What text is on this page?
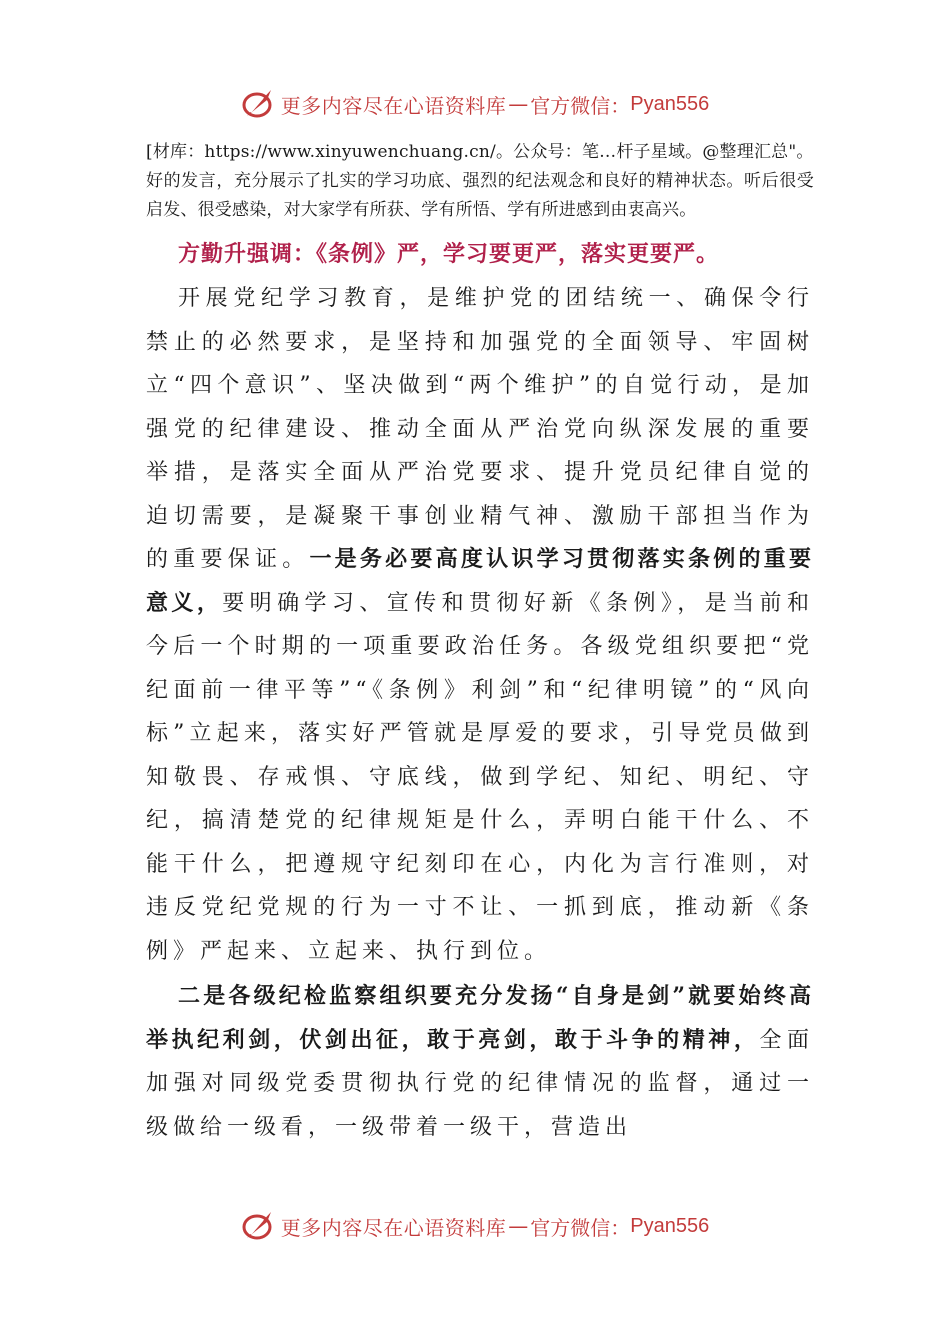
更多内容尽在心语资料库 — 官方微信： Pyan556

[材库：https://www.xinyuwenchuang.cn/。公众号：笔…杆子星域。@整理汇总"。
好的发言，充分展示了扎实的学习功底、强烈的纪法观念和良好的精神状态。听后很受启发、很受感染，对大家学有所获、学有所悟、学有所进感到由衷高兴。

方勤升强调：《条例》严，学习要更严，落实更要严。

开展党纪学习教育，是维护党的团结统一、确保令行禁止的必然要求，是坚持和加强党的全面领导、牢固树立“四个意识”、坚决做到“两个维护”的自觉行动，是加强党的纪律建设、推动全面从严治党向纵深发展的重要举措，是落实全面从严治党要求、提升党员纪律自觉的迫切需要，是凝聚干事创业精气神、激励干部担当作为的重要保证。一是务必要高度认识学习贯彻落实条例的重要意义，要明确学习、宣传和贯彻好新《条例》，是当前和今后一个时期的一项重要政治任务。各级党组织要把“党纪面前一律平等”“《条例》利剑”和“纪律明镜”的“风向标”立起来，落实好严管就是厚爱的要求，引导党员做到知敬畏、存戒惧、守底线，做到学纪、知纪、明纪、守纪，搞清楚党的纪律规矩是什么，弄明白能干什么、不能干什么，把遵规守纪刻印在心，内化为言行准则，对违反党纪党规的行为一寸不让、一抓到底，推动新《条例》严起来、立起来、执行到位。

二是各级纪检监察组织要充分发扬“自身是剑”就要始终高举执纪利剑，伏剑出征，敢于亮剑，敢于斗争的精神，全面加强对同级党委贯彻执行党的纪律情况的监督，通过一级做给一级看，一级带着一级干，营造出

更多内容尽在心语资料库 — 官方微信： Pyan556
